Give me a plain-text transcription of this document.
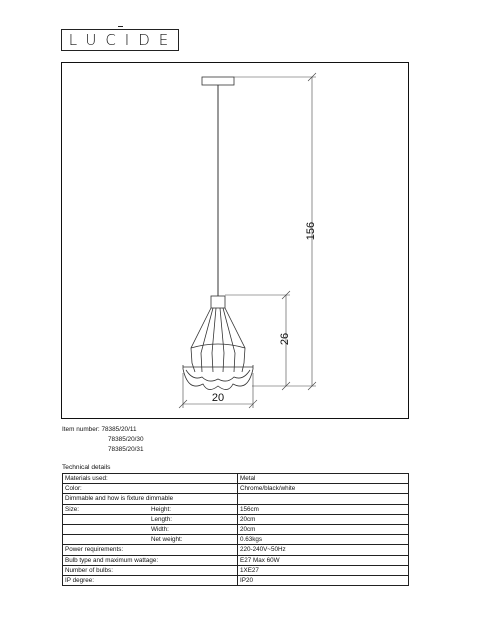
LUCIDE
156
26
20
Item number: 78385/20/11
78385/20/30
78385/20/31
Technical details
Materials used:	Metal
Color:	Chrome/black/white
Dimmable and how is fixture dimmable	
Size: Height:	156cm
Length:	20cm
Width:	20cm
Net weight:	0.63kgs
Power requirements:	220-240V~50Hz
Bulb type and maximum wattage:	E27 Max 60W
Number of bulbs:	1XE27
IP degree:	IP20
